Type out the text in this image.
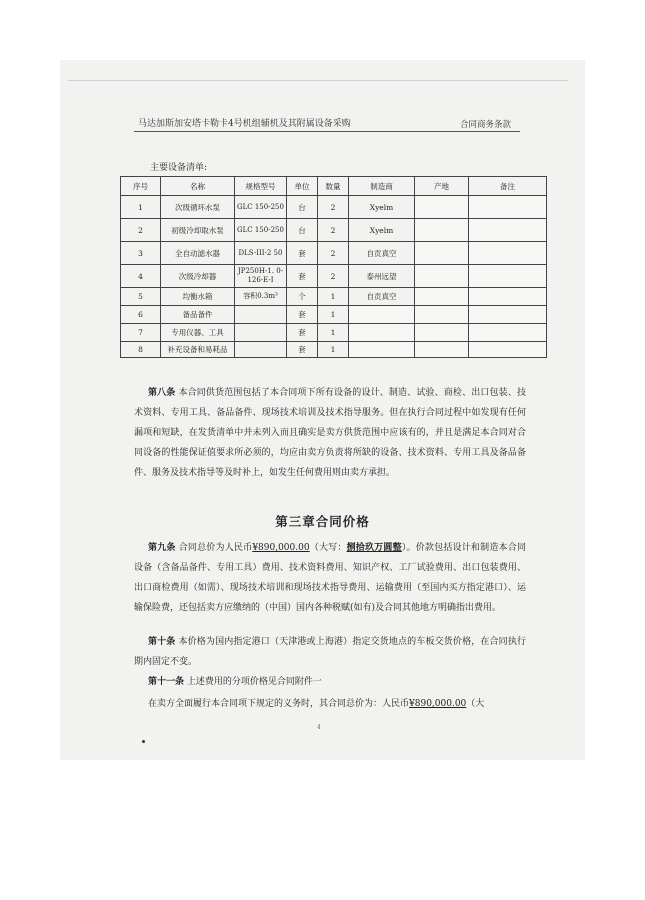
马达加斯加安塔卡勒卡4号机组辅机及其附属设备采购	合同商务条款
主要设备清单:
序号	名称	规格型号	单位	数量	制造商	产地	备注
1	次级循环水泵	GLC 150-250	台	2	Xyelm		
2	初级冷却取水泵	GLC 150-250	台	2	Xyelm		
3	全自动滤水器	DLS-III-2 50	套	2	自贡真空		
4	次级冷却器	JP250H-1. 0-126-E-I	套	2	泰州远望		
5	均衡水箱	容积0.3m³	个	1	自贡真空		
6	备品备件		套	1			
7	专用仪器、工具		套	1			
8	补充设备和易耗品		套	1			
第八条 本合同供货范围包括了本合同项下所有设备的设计、制造、试验、商检、出口包装、技术资料、专用工具、备品备件、现场技术培训及技术指导服务。但在执行合同过程中如发现有任何漏项和短缺，在发货清单中并未列入而且确实是卖方供货范围中应该有的，并且是满足本合同对合同设备的性能保证值要求所必须的，均应由卖方负责将所缺的设备、技术资料、专用工具及备品备件、服务及技术指导等及时补上，如发生任何费用则由卖方承担。
第三章合同价格
第九条 合同总价为人民币¥890,000.00（大写：捌拾玖万圆整）。价款包括设计和制造本合同设备（含备品备件、专用工具）费用、技术资料费用、知识产权、工厂试验费用、出口包装费用、出口商检费用（如需）、现场技术培训和现场技术指导费用、运输费用（至国内买方指定港口）、运输保险费，还包括卖方应缴纳的（中国）国内各种税赋(如有)及合同其他地方明确指出费用。
第十条 本价格为国内指定港口（天津港或上海港）指定交货地点的车板交货价格，在合同执行期内固定不变。
第十一条 上述费用的分项价格见合同附件一
在卖方全面履行本合同项下规定的义务时，其合同总价为：人民币¥890,000.00（大
4
